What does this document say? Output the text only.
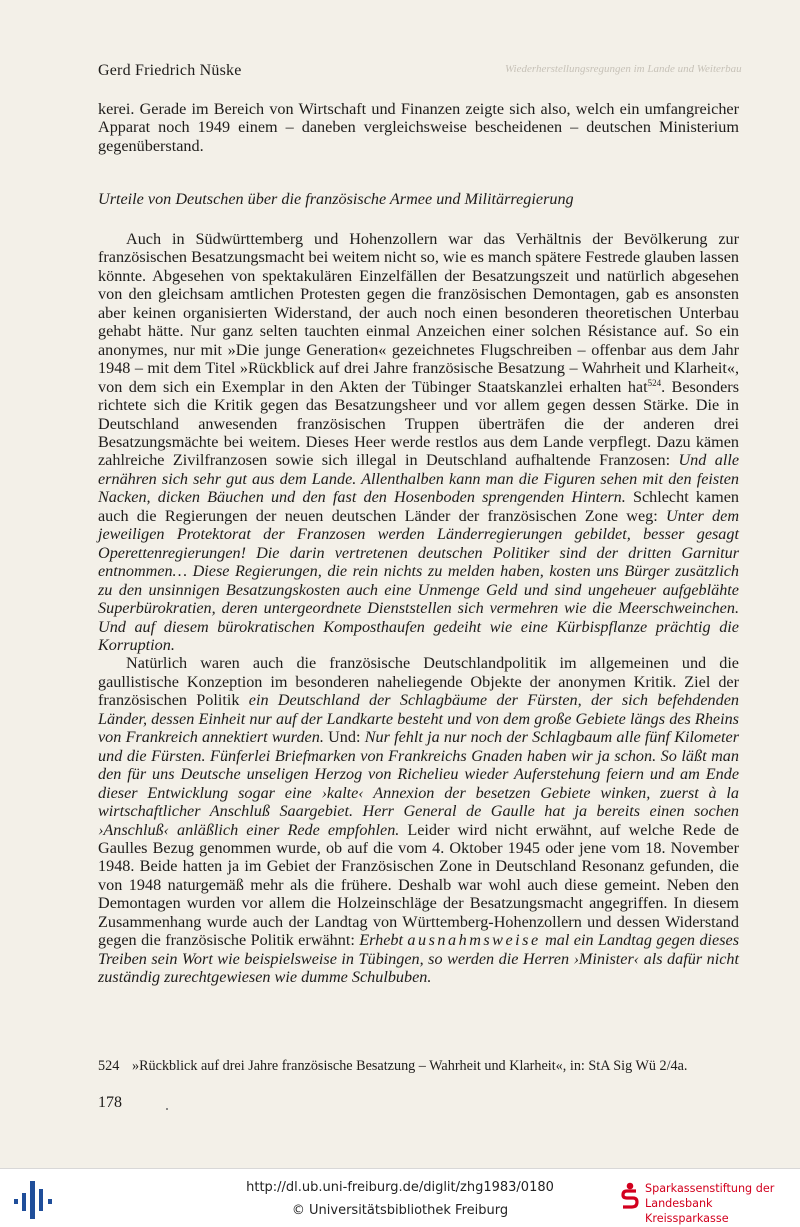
Wiederherstellungsregungen im Lande und Weiterbau
Gerd Friedrich Nüske

kerei. Gerade im Bereich von Wirtschaft und Finanzen zeigte sich also, welch ein umfangreicher Apparat noch 1949 einem – daneben vergleichsweise bescheidenen – deutschen Ministerium gegenüberstand.

Urteile von Deutschen über die französische Armee und Militärregierung

Auch in Südwürttemberg und Hohenzollern war das Verhältnis der Bevölkerung zur französischen Besatzungsmacht bei weitem nicht so, wie es manch spätere Festrede glauben lassen könnte. Abgesehen von spektakulären Einzelfällen der Besatzungszeit und natürlich abgesehen von den gleichsam amtlichen Protesten gegen die französischen Demontagen, gab es ansonsten aber keinen organisierten Widerstand, der auch noch einen besonderen theoretischen Unterbau gehabt hätte. Nur ganz selten tauchten einmal Anzeichen einer solchen Résistance auf. So ein anonymes, nur mit »Die junge Generation« gezeichnetes Flugschreiben – offenbar aus dem Jahr 1948 – mit dem Titel »Rückblick auf drei Jahre französische Besatzung – Wahrheit und Klarheit«, von dem sich ein Exemplar in den Akten der Tübinger Staatskanzlei erhalten hat$^{524}$. Besonders richtete sich die Kritik gegen das Besatzungsheer und vor allem gegen dessen Stärke. Die in Deutschland anwesenden französischen Truppen überträfen die der anderen drei Besatzungsmächte bei weitem. Dieses Heer werde restlos aus dem Lande verpflegt. Dazu kämen zahlreiche Zivilfranzosen sowie sich illegal in Deutschland aufhaltende Franzosen: Und alle ernähren sich sehr gut aus dem Lande. Allenthalben kann man die Figuren sehen mit den feisten Nacken, dicken Bäuchen und den fast den Hosenboden sprengenden Hintern. Schlecht kamen auch die Regierungen der neuen deutschen Länder der französischen Zone weg: Unter dem jeweiligen Protektorat der Franzosen werden Länderregierungen gebildet, besser gesagt Operettenregierungen! Die darin vertretenen deutschen Politiker sind der dritten Garnitur entnommen… Diese Regierungen, die rein nichts zu melden haben, kosten uns Bürger zusätzlich zu den unsinnigen Besatzungskosten auch eine Unmenge Geld und sind ungeheuer aufgeblähte Superbürokratien, deren untergeordnete Dienststellen sich vermehren wie die Meerschweinchen. Und auf diesem bürokratischen Komposthaufen gedeiht wie eine Kürbispflanze prächtig die Korruption.

Natürlich waren auch die französische Deutschlandpolitik im allgemeinen und die gaullistische Konzeption im besonderen naheliegende Objekte der anonymen Kritik. Ziel der französischen Politik ein Deutschland der Schlagbäume der Fürsten, der sich befehdenden Länder, dessen Einheit nur auf der Landkarte besteht und von dem große Gebiete längs des Rheins von Frankreich annektiert wurden. Und: Nur fehlt ja nur noch der Schlagbaum alle fünf Kilometer und die Fürsten. Fünferlei Briefmarken von Frankreichs Gnaden haben wir ja schon. So läßt man den für uns Deutsche unseligen Herzog von Richelieu wieder Auferstehung feiern und am Ende dieser Entwicklung sogar eine ›kalte‹ Annexion der besetzen Gebiete winken, zuerst à la wirtschaftlicher Anschluß Saargebiet. Herr General de Gaulle hat ja bereits einen sochen ›Anschluß‹ anläßlich einer Rede empfohlen. Leider wird nicht erwähnt, auf welche Rede de Gaulles Bezug genommen wurde, ob auf die vom 4. Oktober 1945 oder jene vom 18. November 1948. Beide hatten ja im Gebiet der Französischen Zone in Deutschland Resonanz gefunden, die von 1948 naturgemäß mehr als die frühere. Deshalb war wohl auch diese gemeint. Neben den Demontagen wurden vor allem die Holzeinschläge der Besatzungsmacht angegriffen. In diesem Zusammenhang wurde auch der Landtag von Württemberg-Hohenzollern und dessen Widerstand gegen die französische Politik erwähnt: Erhebt ausnahmsweise mal ein Landtag gegen dieses Treiben sein Wort wie beispielsweise in Tübingen, so werden die Herren ›Minister‹ als dafür nicht zuständig zurechtgewiesen wie dumme Schulbuben.

524 »Rückblick auf drei Jahre französische Besatzung – Wahrheit und Klarheit«, in: StA Sig Wü 2/4a.
178
http://dl.ub.uni-freiburg.de/diglit/zhg1983/0180
© Universitätsbibliothek Freiburg
Sparkassenstiftung der
Landesbank Kreissparkasse
